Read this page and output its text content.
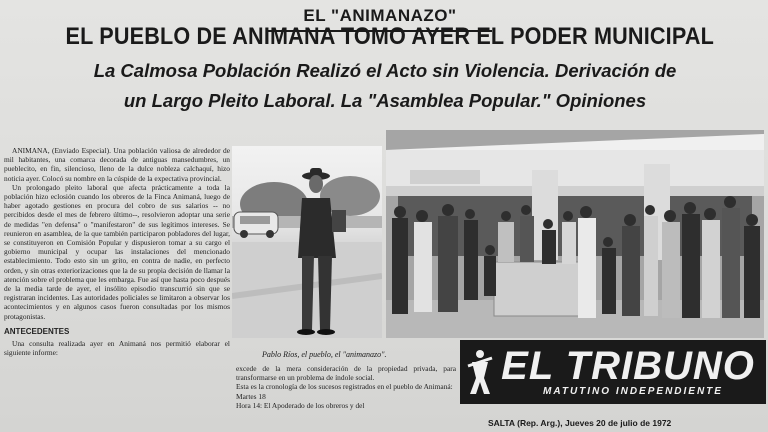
EL "ANIMANAZO"
EL PUEBLO DE ANIMANA TOMO AYER EL PODER MUNICIPAL
La Calmosa Población Realizó el Acto sin Violencia. Derivación de
un Largo Pleito Laboral. La "Asamblea Popular." Opiniones

ANIMANA, (Enviado Especial). Una población valiosa de alrededor de mil habitantes, una comarca decorada de antiguas mansedumbres, un pueblecito, en fin, silencioso, lleno de la dulce nobleza calchaquí, hizo noticia ayer. Colocó su nombre en la cúspide de la expectativa provincial.

Un prolongado pleito laboral que afecta prácticamente a toda la población hizo eclosión cuando los obreros de la Finca Animaná, luego de haber agotado gestiones en procura del cobro de sus salarios -- no percibidos desde el mes de febrero último--, resolvieron adoptar una serie de medidas "en defensa" o "manifestaron" de sus legítimos intereses. Se reunieron en asamblea, de la que también participaron pobladores del lugar, se constituyeron en Comisión Popular y dispusieron tomar a su cargo el gobierno municipal y ocupar las instalaciones del mencionado establecimiento. Todo esto sin un grito, en contra de nadie, en perfecto orden, y sin otras exteriorizaciones que la de su propia decisión de llamar la atención sobre el problema que les embarga. Fue así que hasta poco después de la media tarde de ayer, el insólito episodio transcurrió sin que se registraran incidentes. Las autoridades policiales se limitaron a observar los acontecimientos y en algunos casos fueron consultadas por los mismos protagonistas.

ANTECEDENTES

Una consulta realizada ayer en Animaná nos permitió elaborar el siguiente informe:	Pablo Ríos, el pueblo, el "animanazo".

excede de la mera consideración de la propiedad privada, para transformarse en un problema de índole social.

Esta es la cronología de los sucesos registrados en el pueblo de Animaná:

Martes 18

Hora 14: El Apoderado de los obreros y del

EL TRIBUNO
MATUTINO INDEPENDIENTE
SALTA (Rep. Arg.), Jueves 20 de julio de 1972
